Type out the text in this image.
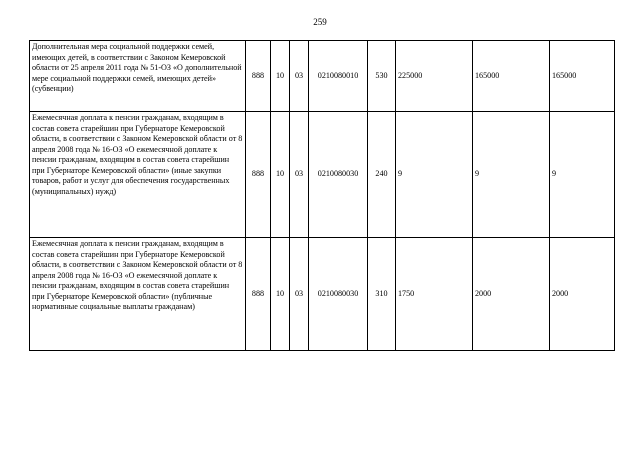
259
Дополнительная мера социальной поддержки семей, имеющих детей, в соответствии с Законом Кемеровской области от 25 апреля 2011 года № 51-ОЗ «О дополнительной мере социальной поддержки семей, имеющих детей» (субвенции)	888	10	03	0210080010	530	225000	165000	165000
Ежемесячная доплата к пенсии гражданам, входящим в состав совета старейшин при Губернаторе Кемеровской области, в соответствии с Законом Кемеровской области от 8 апреля 2008 года № 16-ОЗ «О ежемесячной доплате к пенсии гражданам, входящим в состав совета старейшин при Губернаторе Кемеровской области» (иные закупки товаров, работ и услуг для обеспечения государственных (муниципальных) нужд)	888	10	03	0210080030	240	9	9	9
Ежемесячная доплата к пенсии гражданам, входящим в состав совета старейшин при Губернаторе Кемеровской области, в соответствии с Законом Кемеровской области от 8 апреля 2008 года № 16-ОЗ «О ежемесячной доплате к пенсии гражданам, входящим в состав совета старейшин при Губернаторе Кемеровской области» (публичные нормативные социальные выплаты гражданам)	888	10	03	0210080030	310	1750	2000	2000
